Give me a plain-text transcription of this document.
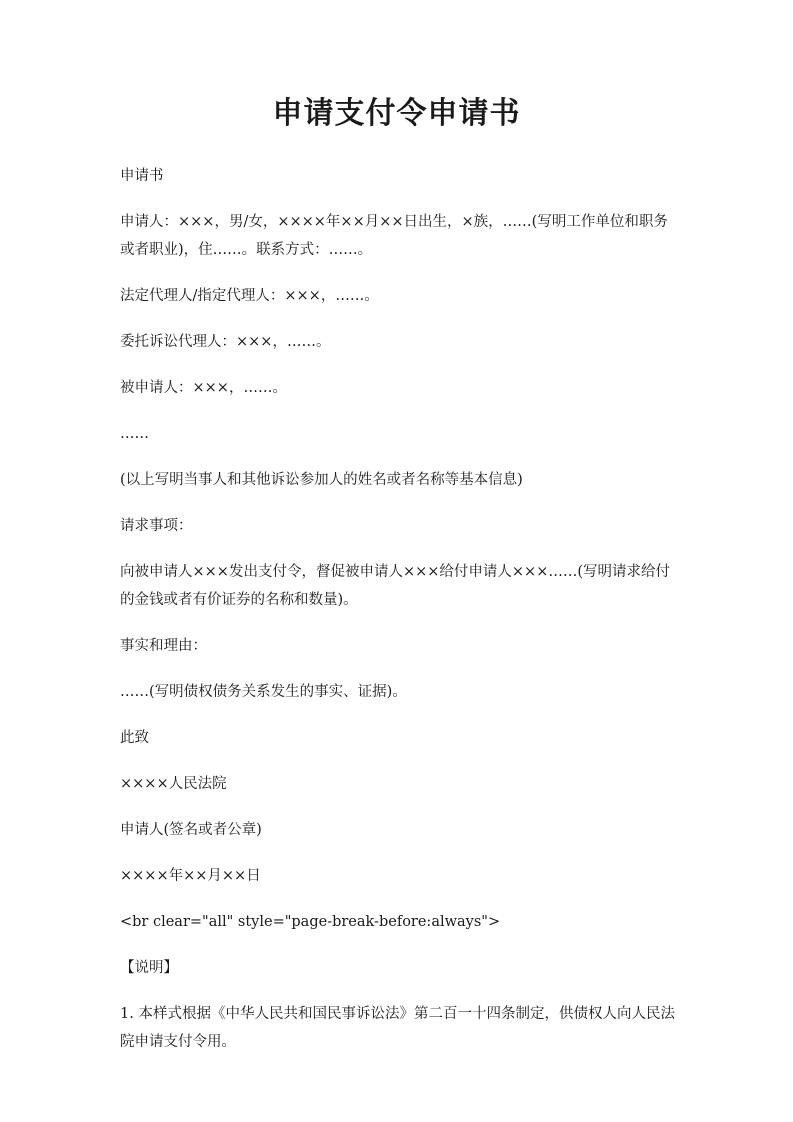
申请支付令申请书

申请书

申请人：×××，男/女，××××年××月××日出生，×族，……(写明工作单位和职务或者职业)，住……。联系方式：……。

法定代理人/指定代理人：×××，……。

委托诉讼代理人：×××，……。

被申请人：×××，……。

……

(以上写明当事人和其他诉讼参加人的姓名或者名称等基本信息)

请求事项：

向被申请人×××发出支付令，督促被申请人×××给付申请人×××……(写明请求给付的金钱或者有价证券的名称和数量)。

事实和理由：

……(写明债权债务关系发生的事实、证据)。

此致

××××人民法院

申请人(签名或者公章)

××××年××月××日

<br clear="all" style="page-break-before:always">

【说明】

1. 本样式根据《中华人民共和国民事诉讼法》第二百一十四条制定，供债权人向人民法院申请支付令用。
